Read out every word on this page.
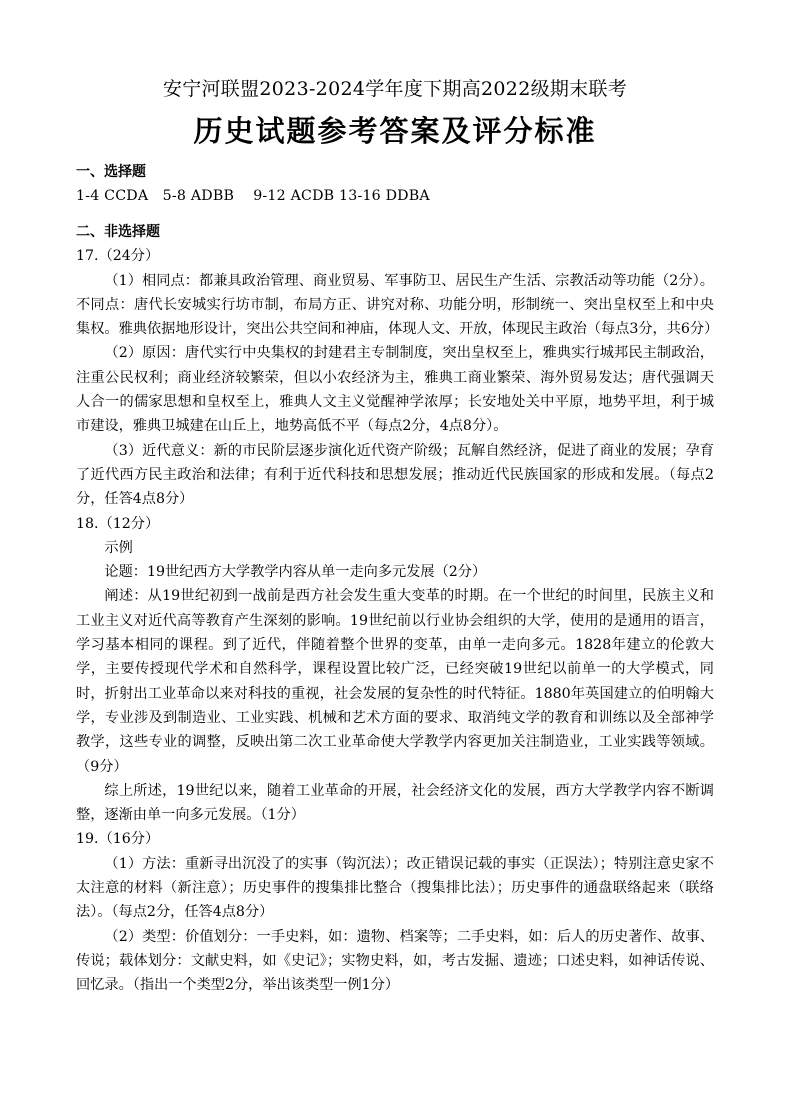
安宁河联盟2023-2024学年度下期高2022级期末联考

历史试题参考答案及评分标准

一、选择题

1-4 CCDA　5-8 ADBB　 9-12 ACDB 13-16 DDBA

二、非选择题

17.（24分）

（1）相同点：都兼具政治管理、商业贸易、军事防卫、居民生产生活、宗教活动等功能（2分）。不同点：唐代长安城实行坊市制，布局方正、讲究对称、功能分明，形制统一、突出皇权至上和中央集权。雅典依据地形设计，突出公共空间和神庙，体现人文、开放，体现民主政治（每点3分，共6分）

（2）原因：唐代实行中央集权的封建君主专制制度，突出皇权至上，雅典实行城邦民主制政治，注重公民权利；商业经济较繁荣，但以小农经济为主，雅典工商业繁荣、海外贸易发达；唐代强调天人合一的儒家思想和皇权至上，雅典人文主义觉醒神学浓厚；长安地处关中平原，地势平坦，利于城市建设，雅典卫城建在山丘上，地势高低不平（每点2分，4点8分）。

（3）近代意义：新的市民阶层逐步演化近代资产阶级；瓦解自然经济，促进了商业的发展；孕育了近代西方民主政治和法律；有利于近代科技和思想发展；推动近代民族国家的形成和发展。（每点2分，任答4点8分）

18.（12分）

示例

论题：19世纪西方大学教学内容从单一走向多元发展（2分）

阐述：从19世纪初到一战前是西方社会发生重大变革的时期。在一个世纪的时间里，民族主义和工业主义对近代高等教育产生深刻的影响。19世纪前以行业协会组织的大学，使用的是通用的语言，学习基本相同的课程。到了近代，伴随着整个世界的变革，由单一走向多元。1828年建立的伦敦大学，主要传授现代学术和自然科学，课程设置比较广泛，已经突破19世纪以前单一的大学模式，同时，折射出工业革命以来对科技的重视，社会发展的复杂性的时代特征。1880年英国建立的伯明翰大学，专业涉及到制造业、工业实践、机械和艺术方面的要求、取消纯文学的教育和训练以及全部神学教学，这些专业的调整，反映出第二次工业革命使大学教学内容更加关注制造业，工业实践等领域。（9分）

综上所述，19世纪以来，随着工业革命的开展，社会经济文化的发展，西方大学教学内容不断调整，逐渐由单一向多元发展。（1分）

19.（16分）

（1）方法：重新寻出沉没了的实事（钩沉法）；改正错误记载的事实（正误法）；特别注意史家不太注意的材料（新注意）；历史事件的搜集排比整合（搜集排比法）；历史事件的通盘联络起来（联络法）。（每点2分，任答4点8分）

（2）类型：价值划分：一手史料，如：遗物、档案等；二手史料，如：后人的历史著作、故事、传说；载体划分：文献史料，如《史记》；实物史料，如，考古发掘、遗迹；口述史料，如神话传说、回忆录。（指出一个类型2分，举出该类型一例1分）
